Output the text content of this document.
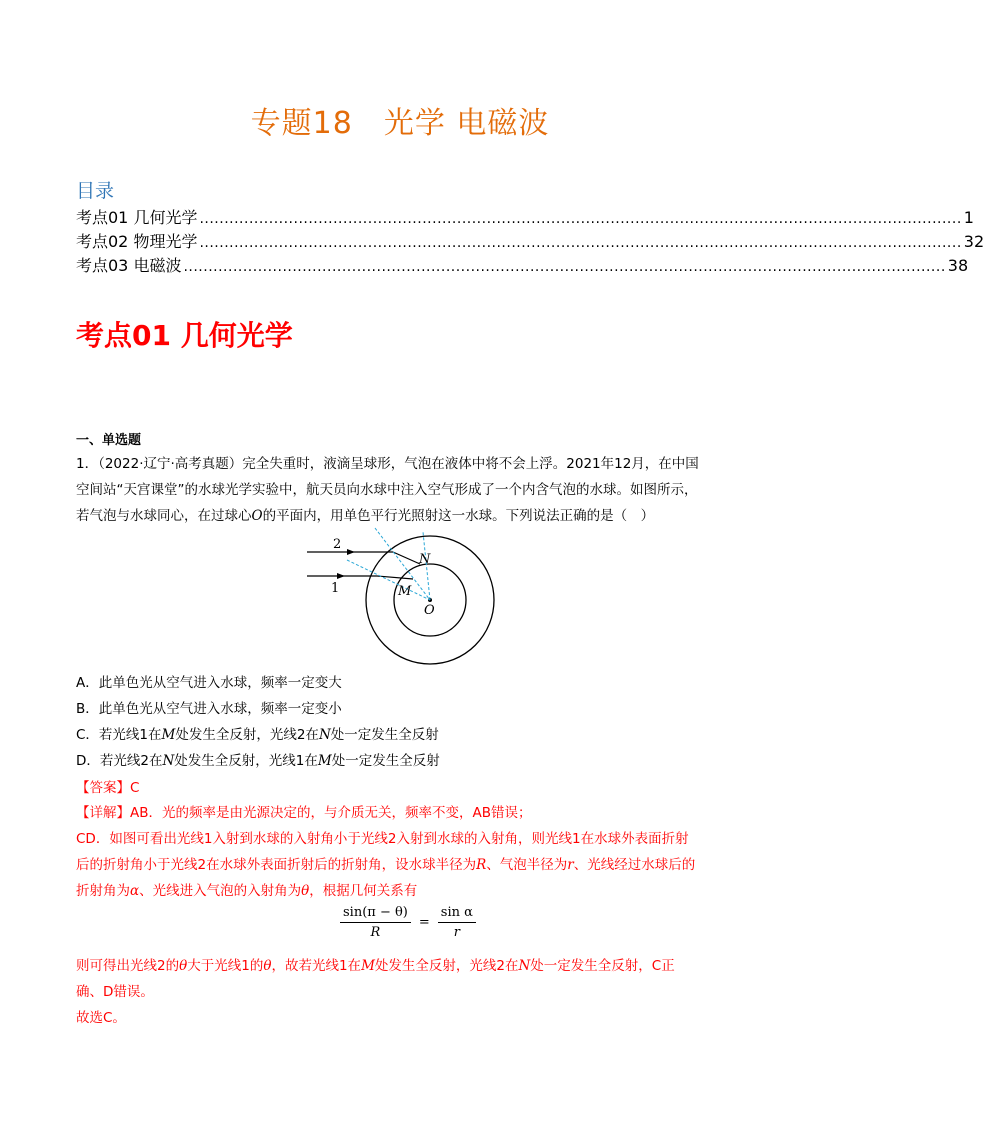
专题18　光学 电磁波
目录
考点01 几何光学 .......................................................................................................................................................... 1
考点02 物理光学 .......................................................................................................................................................... 32
考点03 电磁波 .......................................................................................................................................................... 38
考点01 几何光学
一、单选题
1．（2022·辽宁·高考真题）完全失重时，液滴呈球形，气泡在液体中将不会上浮。2021年12月，在中国
空间站“天宫课堂”的水球光学实验中，航天员向水球中注入空气形成了一个内含气泡的水球。如图所示，
若气泡与水球同心，在过球心O的平面内，用单色平行光照射这一水球。下列说法正确的是（　）
2
1
N
M
O
A．此单色光从空气进入水球，频率一定变大
B．此单色光从空气进入水球，频率一定变小
C．若光线1在M处发生全反射，光线2在N处一定发生全反射
D．若光线2在N处发生全反射，光线1在M处一定发生全反射
【答案】C
【详解】AB．光的频率是由光源决定的，与介质无关，频率不变，AB错误；
CD．如图可看出光线1入射到水球的入射角小于光线2入射到水球的入射角，则光线1在水球外表面折射
后的折射角小于光线2在水球外表面折射后的折射角，设水球半径为R、气泡半径为r、光线经过水球后的
折射角为α、光线进入气泡的入射角为θ，根据几何关系有
$\frac{\sin(\pi - \theta)}{R} = \frac{\text{sin α}}{r}$
则可得出光线2的θ大于光线1的θ，故若光线1在M处发生全反射，光线2在N处一定发生全反射，C正
确、D错误。
故选C。
